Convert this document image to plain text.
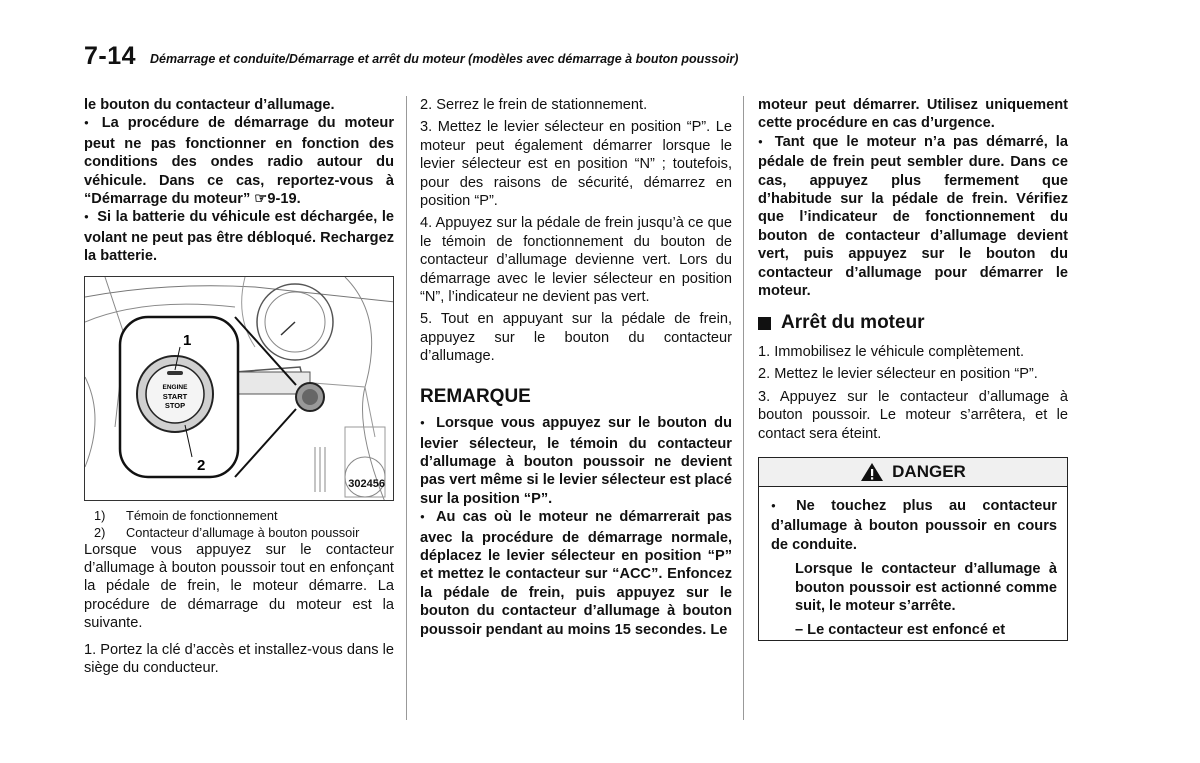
7-14 Démarrage et conduite/Démarrage et arrêt du moteur (modèles avec démarrage à bouton poussoir)

le bouton du contacteur d’allumage.

● La procédure de démarrage du moteur peut ne pas fonctionner en fonction des conditions des ondes radio autour du véhicule. Dans ce cas, reportez-vous à “Démarrage du moteur” ☞9-19.

● Si la batterie du véhicule est déchargée, le volant ne peut pas être débloqué. Rechargez la batterie.

ENGINE
START
STOP
1
2
302456
1)	Témoin de fonctionnement
2)	Contacteur d’allumage à bouton poussoir

Lorsque vous appuyez sur le contacteur d’allumage à bouton poussoir tout en enfonçant la pédale de frein, le moteur démarre. La procédure de démarrage du moteur est la suivante.

1. Portez la clé d’accès et installez-vous dans le siège du conducteur.

2. Serrez le frein de stationnement.

3. Mettez le levier sélecteur en position “P”. Le moteur peut également démarrer lorsque le levier sélecteur est en position “N” ; toutefois, pour des raisons de sécurité, démarrez en position “P”.

4. Appuyez sur la pédale de frein jusqu’à ce que le témoin de fonctionnement du bouton de contacteur d’allumage devienne vert. Lors du démarrage avec le levier sélecteur en position “N”, l’indicateur ne devient pas vert.

5. Tout en appuyant sur la pédale de frein, appuyez sur le bouton du contacteur d’allumage.

REMARQUE

● Lorsque vous appuyez sur le bouton du levier sélecteur, le témoin du contacteur d’allumage à bouton poussoir ne devient pas vert même si le levier sélecteur est placé sur la position “P”.

● Au cas où le moteur ne démarrerait pas avec la procédure de démarrage normale, déplacez le levier sélecteur en position “P” et mettez le contacteur sur “ACC”. Enfoncez la pédale de frein, puis appuyez sur le bouton du contacteur d’allumage à bouton poussoir pendant au moins 15 secondes. Le

moteur peut démarrer. Utilisez uniquement cette procédure en cas d’urgence.

● Tant que le moteur n’a pas démarré, la pédale de frein peut sembler dure. Dans ce cas, appuyez plus fermement que d’habitude sur la pédale de frein. Vérifiez que l’indicateur de fonctionnement du bouton de contacteur d’allumage devient vert, puis appuyez sur le bouton du contacteur d’allumage pour démarrer le moteur.

Arrêt du moteur

1. Immobilisez le véhicule complètement.

2. Mettez le levier sélecteur en position “P”.

3. Appuyez sur le contacteur d’allumage à bouton poussoir. Le moteur s’arrêtera, et le contact sera éteint.

DANGER

● Ne touchez plus au contacteur d’allumage à bouton poussoir en cours de conduite.

Lorsque le contacteur d’allumage à bouton poussoir est actionné comme suit, le moteur s’arrête.

– Le contacteur est enfoncé et
